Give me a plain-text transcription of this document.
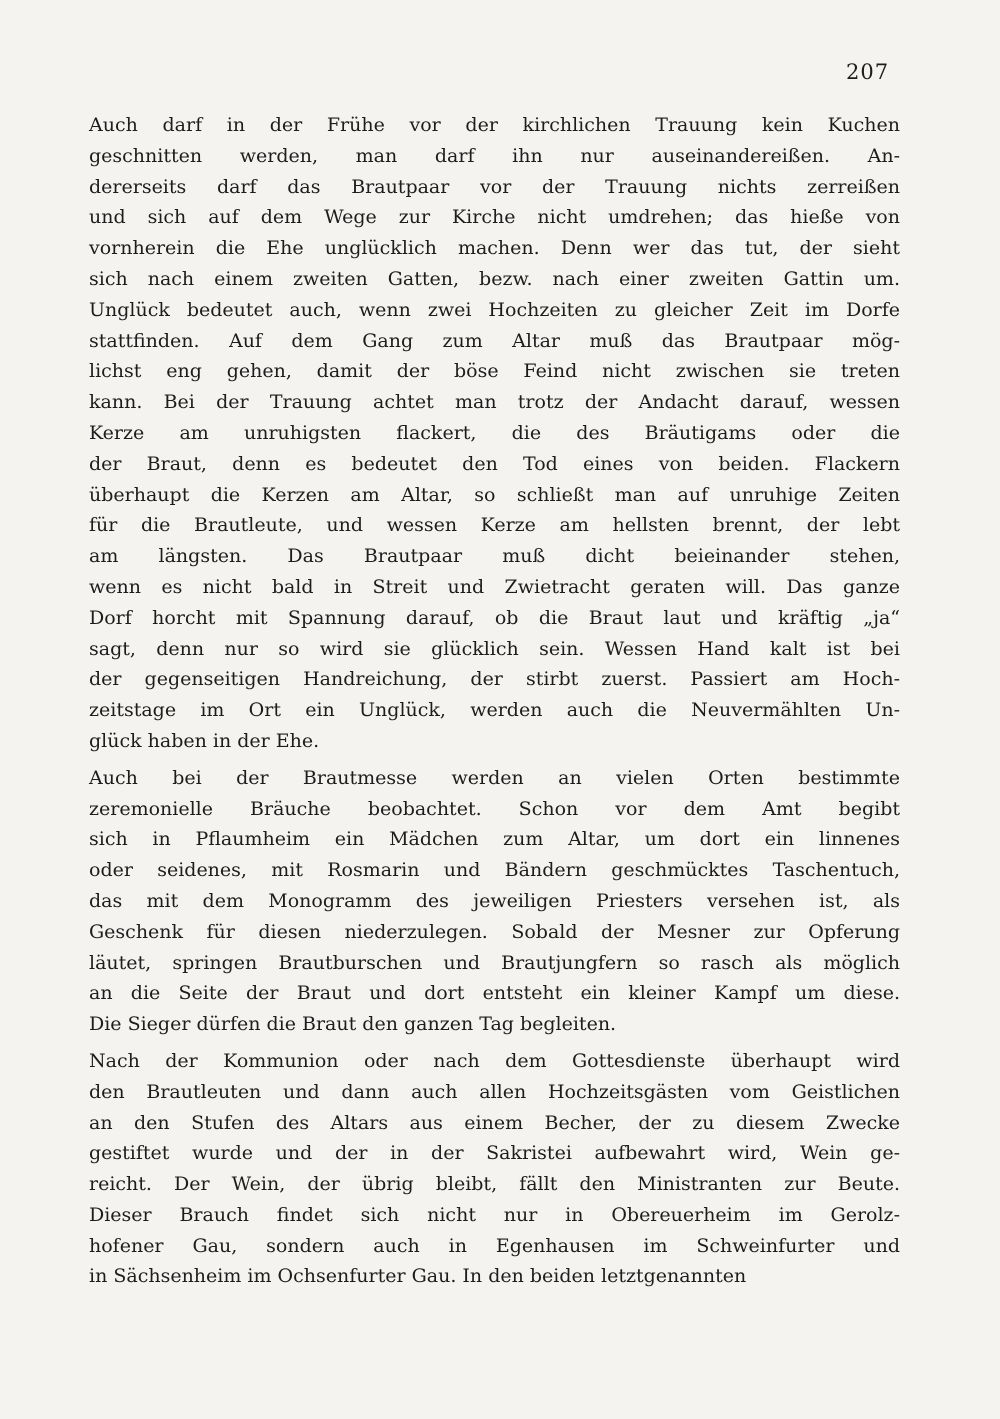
207

Auch darf in der Frühe vor der kirchlichen Trauung kein Kuchen
geschnitten werden, man darf ihn nur auseinandereißen. An-
dererseits darf das Brautpaar vor der Trauung nichts zerreißen
und sich auf dem Wege zur Kirche nicht umdrehen; das hieße von
vornherein die Ehe unglücklich machen. Denn wer das tut, der sieht
sich nach einem zweiten Gatten, bezw. nach einer zweiten Gattin um.
Unglück bedeutet auch, wenn zwei Hochzeiten zu gleicher Zeit im Dorfe
stattfinden. Auf dem Gang zum Altar muß das Brautpaar mög-
lichst eng gehen, damit der böse Feind nicht zwischen sie treten
kann. Bei der Trauung achtet man trotz der Andacht darauf, wessen
Kerze am unruhigsten flackert, die des Bräutigams oder die
der Braut, denn es bedeutet den Tod eines von beiden. Flackern
überhaupt die Kerzen am Altar, so schließt man auf unruhige Zeiten
für die Brautleute, und wessen Kerze am hellsten brennt, der lebt
am längsten. Das Brautpaar muß dicht beieinander stehen,
wenn es nicht bald in Streit und Zwietracht geraten will. Das ganze
Dorf horcht mit Spannung darauf, ob die Braut laut und kräftig „ja“
sagt, denn nur so wird sie glücklich sein. Wessen Hand kalt ist bei
der gegenseitigen Handreichung, der stirbt zuerst. Passiert am Hoch-
zeitstage im Ort ein Unglück, werden auch die Neuvermählten Un-
glück haben in der Ehe.

Auch bei der Brautmesse werden an vielen Orten bestimmte
zeremonielle Bräuche beobachtet. Schon vor dem Amt begibt
sich in Pflaumheim ein Mädchen zum Altar, um dort ein linnenes
oder seidenes, mit Rosmarin und Bändern geschmücktes Taschentuch,
das mit dem Monogramm des jeweiligen Priesters versehen ist, als
Geschenk für diesen niederzulegen. Sobald der Mesner zur Opferung
läutet, springen Brautburschen und Brautjungfern so rasch als möglich
an die Seite der Braut und dort entsteht ein kleiner Kampf um diese.
Die Sieger dürfen die Braut den ganzen Tag begleiten.

Nach der Kommunion oder nach dem Gottesdienste überhaupt wird
den Brautleuten und dann auch allen Hochzeitsgästen vom Geistlichen
an den Stufen des Altars aus einem Becher, der zu diesem Zwecke
gestiftet wurde und der in der Sakristei aufbewahrt wird, Wein ge-
reicht. Der Wein, der übrig bleibt, fällt den Ministranten zur Beute.
Dieser Brauch findet sich nicht nur in Obereuerheim im Gerolz-
hofener Gau, sondern auch in Egenhausen im Schweinfurter und
in Sächsenheim im Ochsenfurter Gau. In den beiden letztgenannten
